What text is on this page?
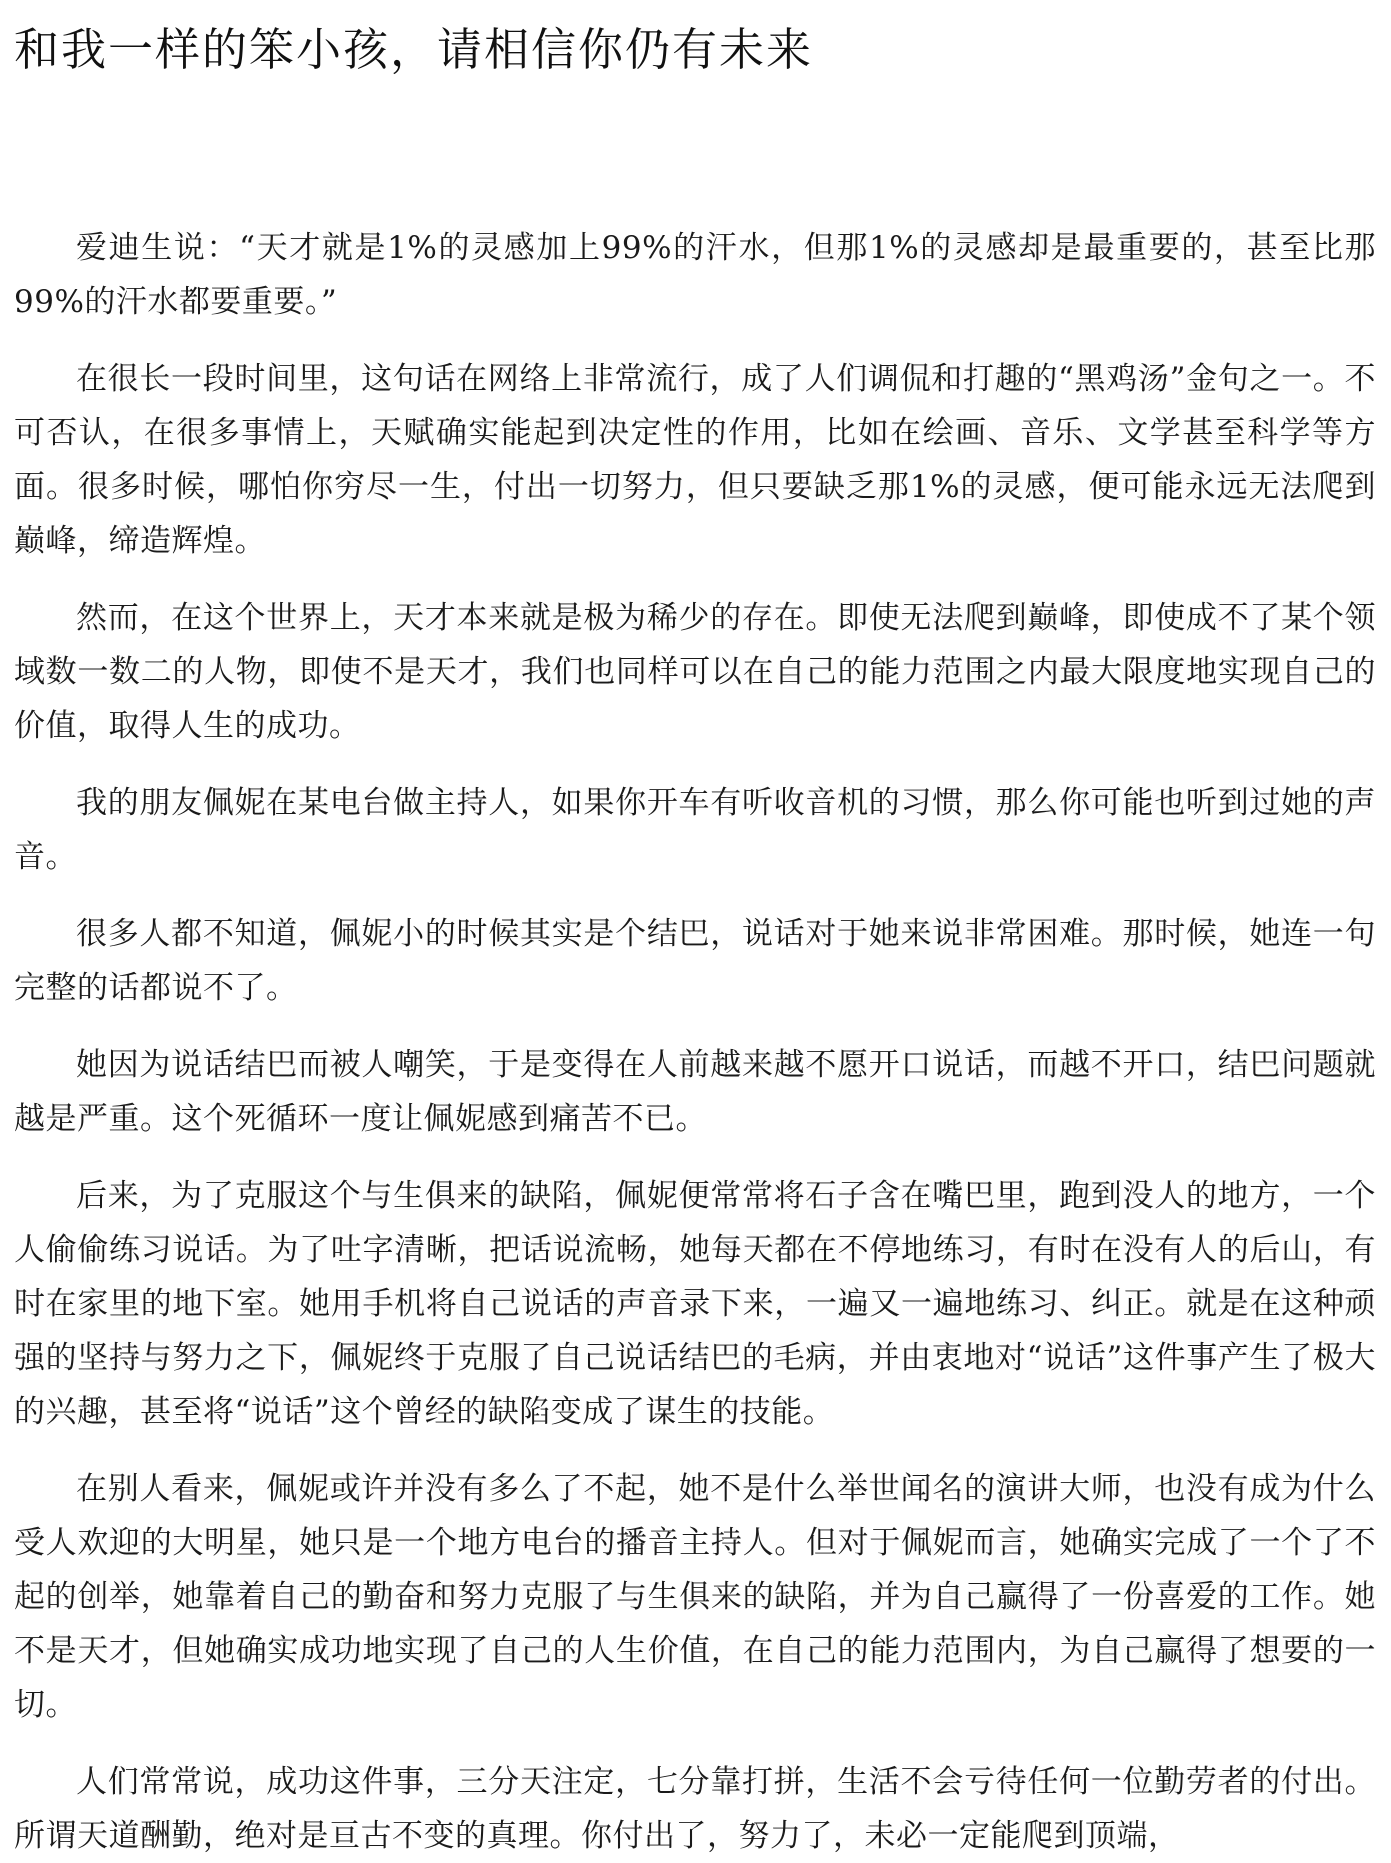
和我一样的笨小孩，请相信你仍有未来

爱迪生说：“天才就是1%的灵感加上99%的汗水，但那1%的灵感却是最重要的，甚至比那99%的汗水都要重要。”

在很长一段时间里，这句话在网络上非常流行，成了人们调侃和打趣的“黑鸡汤”金句之一。不可否认，在很多事情上，天赋确实能起到决定性的作用，比如在绘画、音乐、文学甚至科学等方面。很多时候，哪怕你穷尽一生，付出一切努力，但只要缺乏那1%的灵感，便可能永远无法爬到巅峰，缔造辉煌。

然而，在这个世界上，天才本来就是极为稀少的存在。即使无法爬到巅峰，即使成不了某个领域数一数二的人物，即使不是天才，我们也同样可以在自己的能力范围之内最大限度地实现自己的价值，取得人生的成功。

我的朋友佩妮在某电台做主持人，如果你开车有听收音机的习惯，那么你可能也听到过她的声音。

很多人都不知道，佩妮小的时候其实是个结巴，说话对于她来说非常困难。那时候，她连一句完整的话都说不了。

她因为说话结巴而被人嘲笑，于是变得在人前越来越不愿开口说话，而越不开口，结巴问题就越是严重。这个死循环一度让佩妮感到痛苦不已。

后来，为了克服这个与生俱来的缺陷，佩妮便常常将石子含在嘴巴里，跑到没人的地方，一个人偷偷练习说话。为了吐字清晰，把话说流畅，她每天都在不停地练习，有时在没有人的后山，有时在家里的地下室。她用手机将自己说话的声音录下来，一遍又一遍地练习、纠正。就是在这种顽强的坚持与努力之下，佩妮终于克服了自己说话结巴的毛病，并由衷地对“说话”这件事产生了极大的兴趣，甚至将“说话”这个曾经的缺陷变成了谋生的技能。

在别人看来，佩妮或许并没有多么了不起，她不是什么举世闻名的演讲大师，也没有成为什么受人欢迎的大明星，她只是一个地方电台的播音主持人。但对于佩妮而言，她确实完成了一个了不起的创举，她靠着自己的勤奋和努力克服了与生俱来的缺陷，并为自己赢得了一份喜爱的工作。她不是天才，但她确实成功地实现了自己的人生价值，在自己的能力范围内，为自己赢得了想要的一切。

人们常常说，成功这件事，三分天注定，七分靠打拼，生活不会亏待任何一位勤劳者的付出。所谓天道酬勤，绝对是亘古不变的真理。你付出了，努力了，未必一定能爬到顶端，
